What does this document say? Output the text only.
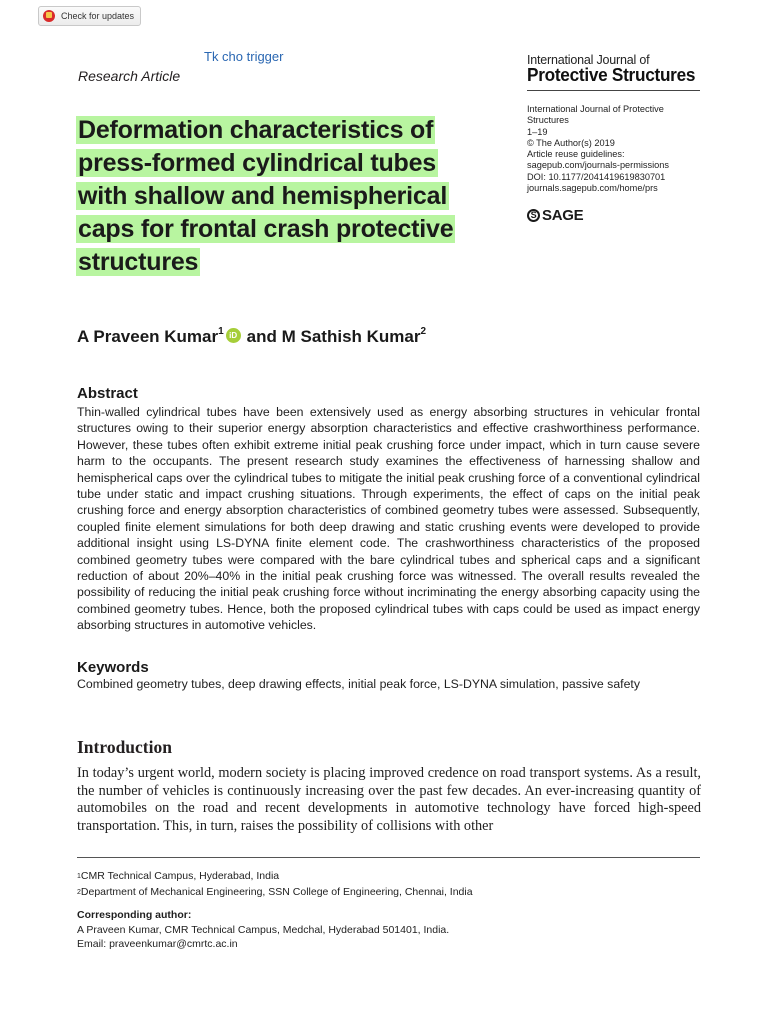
Check for updates
Tk cho trigger
Research Article
International Journal of
Protective Structures
International Journal of Protective
Structures
1–19
© The Author(s) 2019
Article reuse guidelines:
sagepub.com/journals-permissions
DOI: 10.1177/2041419619830701
journals.sagepub.com/home/prs
S SAGE
Deformation characteristics of
press-formed cylindrical tubes
with shallow and hemispherical
caps for frontal crash protective
structures
A Praveen Kumar$^1$ iD and M Sathish Kumar$^2$
Abstract
Thin-walled cylindrical tubes have been extensively used as energy absorbing structures in vehicular frontal structures owing to their superior energy absorption characteristics and effective crashworthiness performance. However, these tubes often exhibit extreme initial peak crushing force under impact, which in turn cause severe harm to the occupants. The present research study examines the effectiveness of harnessing shallow and hemispherical caps over the cylindrical tubes to mitigate the initial peak crushing force of a conventional cylindrical tube under static and impact crushing situations. Through experiments, the effect of caps on the initial peak crushing force and energy absorption characteristics of combined geometry tubes were assessed. Subsequently, coupled finite element simulations for both deep drawing and static crushing events were developed to provide additional insight using LS-DYNA finite element code. The crashworthiness characteristics of the proposed combined geometry tubes were compared with the bare cylindrical tubes and spherical caps and a significant reduction of about 20%–40% in the initial peak crushing force was witnessed. The overall results revealed the possibility of reducing the initial peak crushing force without incriminating the energy absorbing capacity using the combined geometry tubes. Hence, both the proposed cylindrical tubes with caps could be used as impact energy absorbing structures in automotive vehicles.
Keywords
Combined geometry tubes, deep drawing effects, initial peak force, LS-DYNA simulation, passive safety
Introduction
In today’s urgent world, modern society is placing improved credence on road transport systems. As a result, the number of vehicles is continuously increasing over the past few decades. An ever-increasing quantity of automobiles on the road and recent developments in automotive technology have forced high-speed transportation. This, in turn, raises the possibility of collisions with other
$^1$CMR Technical Campus, Hyderabad, India
$^2$Department of Mechanical Engineering, SSN College of Engineering, Chennai, India
Corresponding author:
A Praveen Kumar, CMR Technical Campus, Medchal, Hyderabad 501401, India.
Email: praveenkumar@cmrtc.ac.in
